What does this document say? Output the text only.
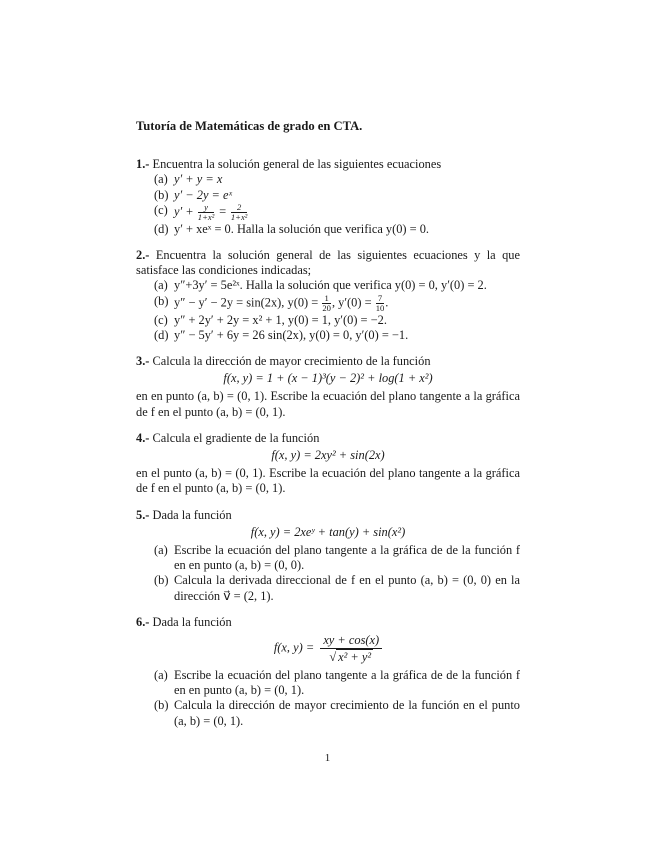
Tutoría de Matemáticas de grado en CTA.
1.- Encuentra la solución general de las siguientes ecuaciones
(a) y′ + y = x
(b) y′ − 2y = eˣ
(c) $y' + \frac{y}{\text{1+x²}} = \frac{2}{\text{1+x²}}$
(d) y′ + xeˣ = 0. Halla la solución que verifica y(0) = 0.
2.- Encuentra la solución general de las siguientes ecuaciones y la que satisface las condiciones indicadas;
(a) y″+3y′ = 5e²ˣ. Halla la solución que verifica y(0) = 0, y′(0) = 2.
(b) y″ − y′ − 2y = sin(2x), $y(0) = \frac{1}{20}$ , $y'(0) = \frac{7}{10}$ .
(c) y″ + 2y′ + 2y = x² + 1, y(0) = 1, y′(0) = −2.
(d) y″ − 5y′ + 6y = 26 sin(2x), y(0) = 0, y′(0) = −1.
3.- Calcula la dirección de mayor crecimiento de la función
f(x, y) = 1 + (x − 1)³(y − 2)² + log(1 + x²)
en en punto (a, b) = (0, 1). Escribe la ecuación del plano tangente a la gráfica de f en el punto (a, b) = (0, 1).
4.- Calcula el gradiente de la función
f(x, y) = 2xy² + sin(2x)
en el punto (a, b) = (0, 1). Escribe la ecuación del plano tangente a la gráfica de f en el punto (a, b) = (0, 1).
5.- Dada la función
f(x, y) = 2xeʸ + tan(y) + sin(x²)
(a) Escribe la ecuación del plano tangente a la gráfica de de la función f en en punto (a, b) = (0, 0).
(b) Calcula la derivada direccional de f en el punto (a, b) = (0, 0) en la dirección v⃗ = (2, 1).
6.- Dada la función
f(x, $y) = \frac{xy + \cos(x)}{\text{√ x² + y²}}$
(a) Escribe la ecuación del plano tangente a la gráfica de de la función f en en punto (a, b) = (0, 1).
(b) Calcula la dirección de mayor crecimiento de la función en el punto (a, b) = (0, 1).
1
